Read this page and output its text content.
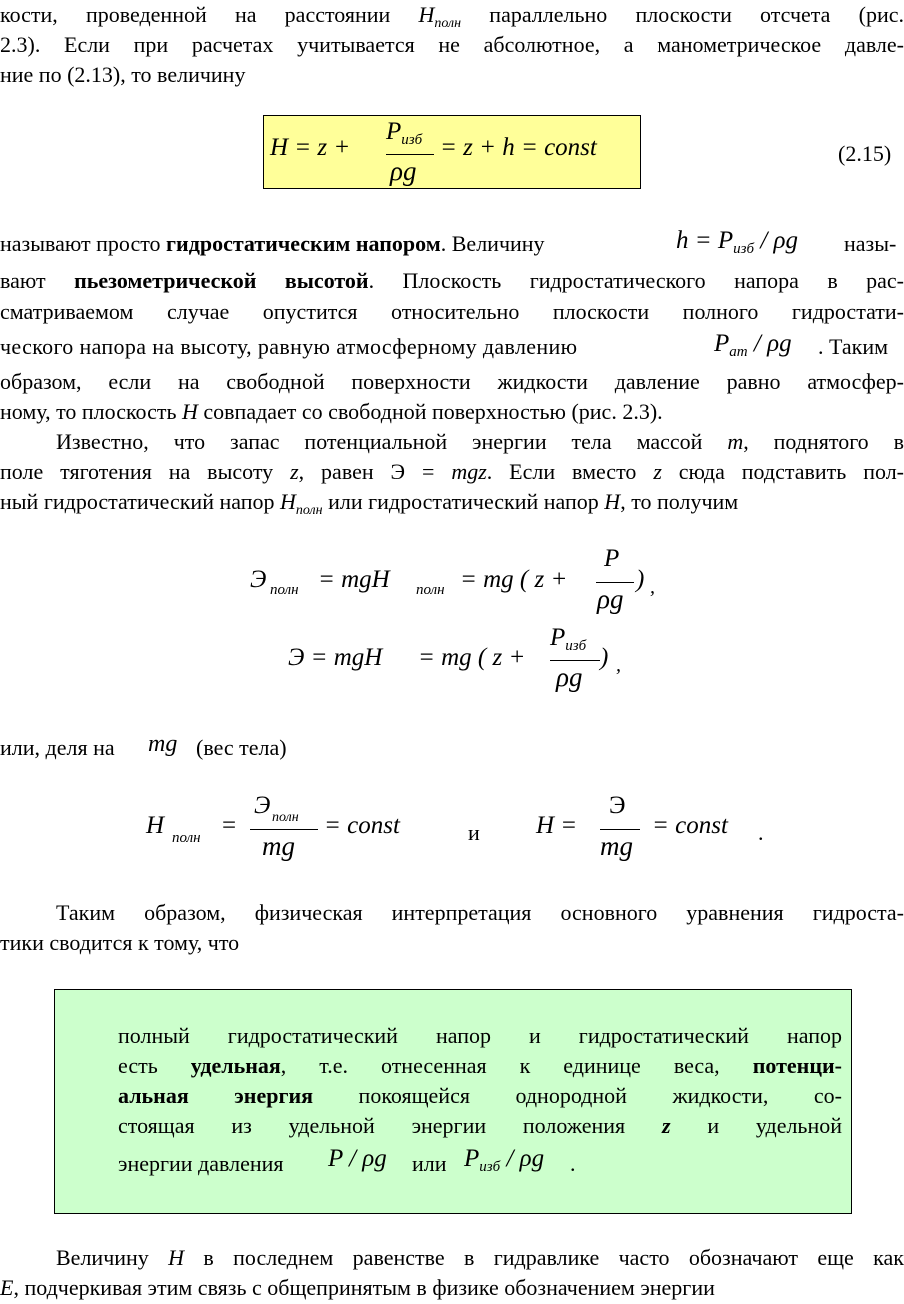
кости, проведенной на расстоянии $H_{полн}$ параллельно плоскости отсчета (рис.
2.3). Если при расчетах учитывается не абсолютное, а манометрическое давле-
ние по (2.13), то величину
H = z +
$P_{изб}$
ρg
= z + h = const	(2.15)
называют просто гидростатическим напором. Величину	$h = P_{изб} / \rho g$ назы-
вают пьезометрической высотой. Плоскость гидростатического напора в рас-
сматриваемом случае опустится относительно плоскости полного гидростати-
ческого напора на высоту, равную атмосферному давлению	$P_{ат}$ / ρg . Таким
образом, если на свободной поверхности жидкости давление равно атмосфер-
ному, то плоскость H совпадает со свободной поверхностью (рис. 2.3).
Известно, что запас потенциальной энергии тела массой m, поднятого в
поле тяготения на высоту z, равен Э = mgz. Если вместо z сюда подставить пол-
ный гидростатический напор $H_{полн}$ или гидростатический напор H, то получим
Э полн = mgH полн = mg ( z +
P
ρg
) ,
Э = mgH = mg ( z +
$P_{изб}$
ρg
) ,
или, деля на mg (вес тела)
H полн =
Э полн
mg
= const	и H =
Э
mg
= const .
Таким образом, физическая интерпретация основного уравнения гидроста-
тики сводится к тому, что
полный гидростатический напор и гидростатический напор
есть удельная, т.е. отнесенная к единице веса, потенци-
альная энергия покоящейся однородной жидкости, со-
стоящая из удельной энергии положения z и удельной
энергии давления P / ρg или $P_{изб}$ / ρg .
Величину H в последнем равенстве в гидравлике часто обозначают еще как
E, подчеркивая этим связь с общепринятым в физике обозначением энергии
